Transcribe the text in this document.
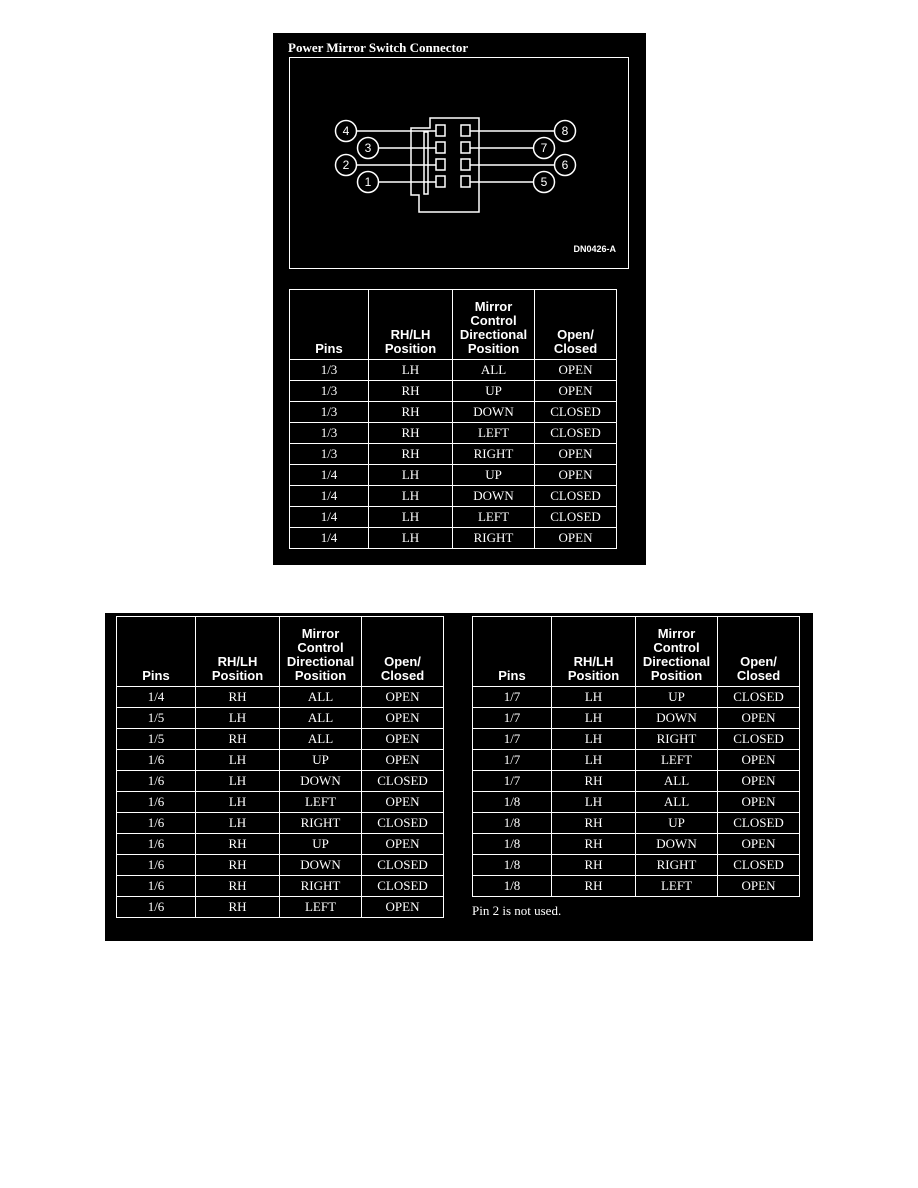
Power Mirror Switch Connector
4
3
2
1
8
7
6
5
DN0426-A
Pins	RH/LH Position	Mirror Control Directional Position	Open/ Closed
1/3	LH	ALL	OPEN
1/3	RH	UP	OPEN
1/3	RH	DOWN	CLOSED
1/3	RH	LEFT	CLOSED
1/3	RH	RIGHT	OPEN
1/4	LH	UP	OPEN
1/4	LH	DOWN	CLOSED
1/4	LH	LEFT	CLOSED
1/4	LH	RIGHT	OPEN
Pins	RH/LH Position	Mirror Control Directional Position	Open/ Closed
1/4	RH	ALL	OPEN
1/5	LH	ALL	OPEN
1/5	RH	ALL	OPEN
1/6	LH	UP	OPEN
1/6	LH	DOWN	CLOSED
1/6	LH	LEFT	OPEN
1/6	LH	RIGHT	CLOSED
1/6	RH	UP	OPEN
1/6	RH	DOWN	CLOSED
1/6	RH	RIGHT	CLOSED
1/6	RH	LEFT	OPEN
Pins	RH/LH Position	Mirror Control Directional Position	Open/ Closed
1/7	LH	UP	CLOSED
1/7	LH	DOWN	OPEN
1/7	LH	RIGHT	CLOSED
1/7	LH	LEFT	OPEN
1/7	RH	ALL	OPEN
1/8	LH	ALL	OPEN
1/8	RH	UP	CLOSED
1/8	RH	DOWN	OPEN
1/8	RH	RIGHT	CLOSED
1/8	RH	LEFT	OPEN
Pin 2 is not used.
